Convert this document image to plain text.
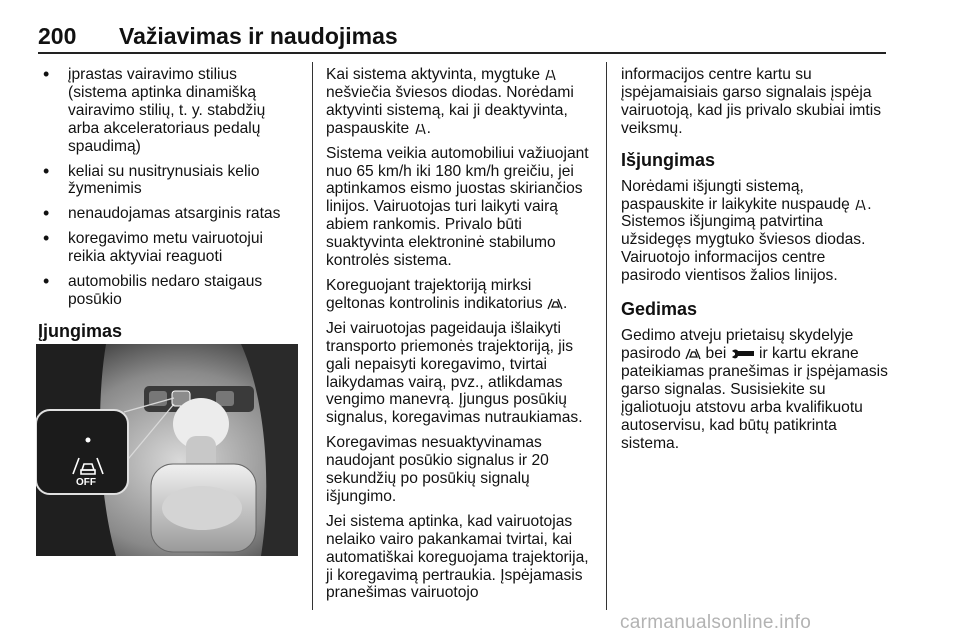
200 Važiavimas ir naudojimas
• įprastas vairavimo stilius (sistema aptinka dinamišką vairavimo stilių, t. y. stabdžių arba akceleratoriaus pedalų spaudimą)
• keliai su nusitrynusiais kelio žymenimis
• nenaudojamas atsarginis ratas
• koregavimo metu vairuotojui reikia aktyviai reaguoti
• automobilis nedaro staigaus posūkio
Įjungimas
OFF

Kai sistema aktyvinta, mygtuke  nešviečia šviesos diodas. Norėdami aktyvinti sistemą, kai ji deaktyvinta, paspauskite .

Sistema veikia automobiliui važiuojant nuo 65 km/h iki 180 km/h greičiu, jei aptinkamos eismo juostas skiriančios linijos. Vairuotojas turi laikyti vairą abiem rankomis. Privalo būti suaktyvinta elektroninė stabilumo kontrolės sistema.

Koreguojant trajektoriją mirksi geltonas kontrolinis indikatorius .

Jei vairuotojas pageidauja išlaikyti transporto priemonės trajektoriją, jis gali nepaisyti koregavimo, tvirtai laikydamas vairą, pvz., atlikdamas vengimo manevrą. Įjungus posūkių signalus, koregavimas nutraukiamas.

Koregavimas nesuaktyvinamas naudojant posūkio signalus ir 20 sekundžių po posūkių signalų išjungimo.

Jei sistema aptinka, kad vairuotojas nelaiko vairo pakankamai tvirtai, kai automatiškai koreguojama trajektorija, ji koregavimą pertraukia. Įspėjamasis pranešimas vairuotojo

informacijos centre kartu su įspėjamaisiais garso signalais įspėja vairuotoją, kad jis privalo skubiai imtis veiksmų.

Išjungimas

Norėdami išjungti sistemą, paspauskite ir laikykite nuspaudę . Sistemos išjungimą patvirtina užsidegęs mygtuko šviesos diodas. Vairuotojo informacijos centre pasirodo vientisos žalios linijos.

Gedimas

Gedimo atveju prietaisų skydelyje pasirodo bei ir kartu ekrane pateikiamas pranešimas ir įspėjamasis garso signalas. Susisiekite su įgaliotuoju atstovu arba kvalifikuotu autoservisu, kad būtų patikrinta sistema.

carmanualsonline.info
